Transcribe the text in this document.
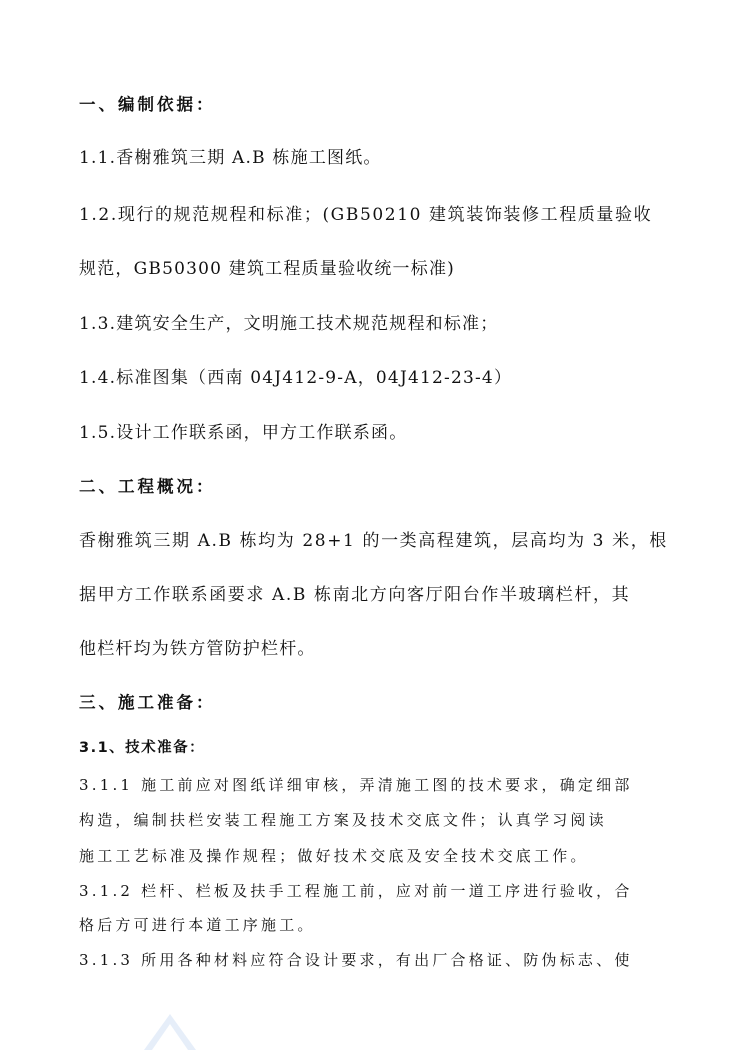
一、编制依据：
1.1.香榭雅筑三期 A.B 栋施工图纸。
1.2.现行的规范规程和标准；(GB50210 建筑装饰装修工程质量验收
规范，GB50300 建筑工程质量验收统一标准)
1.3.建筑安全生产，文明施工技术规范规程和标准；
1.4.标准图集（西南 04J412-9-A，04J412-23-4）
1.5.设计工作联系函，甲方工作联系函。
二、工程概况：
香榭雅筑三期 A.B 栋均为 28+1 的一类高程建筑，层高均为 3 米，根
据甲方工作联系函要求 A.B 栋南北方向客厅阳台作半玻璃栏杆，其
他栏杆均为铁方管防护栏杆。
三、施工准备：
3.1、技术准备：
3.1.1 施工前应对图纸详细审核，弄清施工图的技术要求，确定细部
构造，编制扶栏安装工程施工方案及技术交底文件；认真学习阅读
施工工艺标准及操作规程；做好技术交底及安全技术交底工作。
3.1.2 栏杆、栏板及扶手工程施工前，应对前一道工序进行验收，合
格后方可进行本道工序施工。
3.1.3 所用各种材料应符合设计要求，有出厂合格证、防伪标志、使
